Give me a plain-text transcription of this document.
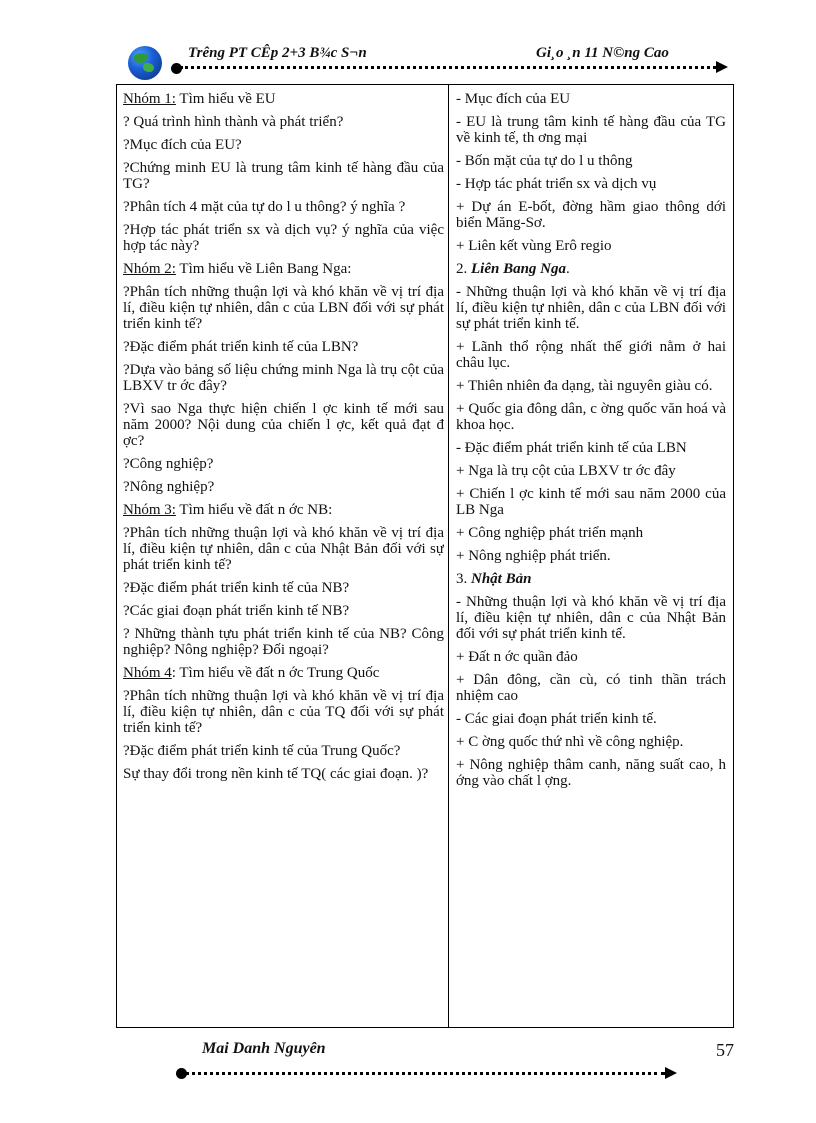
Trêng PT CÊp 2+3 B¾c S¬n	Gi¸o ¸n 11 N©ng Cao

Nhóm 1: Tìm hiểu về EU

? Quá trình hình thành và phát triển?

?Mục đích của EU?

?Chứng minh EU là trung tâm kinh tế hàng đầu của TG?

?Phân tích 4 mặt của tự do l u thông? ý nghĩa ?

?Hợp tác phát triển sx và dịch vụ? ý nghĩa của việc hợp tác này?

Nhóm 2: Tìm hiểu về Liên Bang Nga:

?Phân tích những thuận lợi và khó khăn về vị trí địa lí, điều kiện tự nhiên, dân c của LBN đối với sự phát triển kinh tế?

?Đặc điểm phát triển kinh tế của LBN?

?Dựa vào bảng số liệu chứng minh Nga là trụ cột của LBXV tr ớc đây?

?Vì sao Nga thực hiện chiến l ợc kinh tế mới sau năm 2000? Nội dung của chiến l ợc, kết quả đạt đ ợc?

?Công nghiệp?

?Nông nghiệp?

Nhóm 3: Tìm hiểu về đất n ớc NB:

?Phân tích những thuận lợi và khó khăn về vị trí địa lí, điều kiện tự nhiên, dân c của Nhật Bản đối với sự phát triển kinh tế?

?Đặc điểm phát triển kinh tế của NB?

?Các giai đoạn phát triển kinh tế NB?

? Những thành tựu phát triển kinh tế của NB? Công nghiệp? Nông nghiệp? Đối ngoại?

Nhóm 4: Tìm hiểu về đất n ớc Trung Quốc

?Phân tích những thuận lợi và khó khăn về vị trí địa lí, điều kiện tự nhiên, dân c của TQ đối với sự phát triển kinh tế?

?Đặc điểm phát triển kinh tế của Trung Quốc?

Sự thay đổi trong nền kinh tế TQ( các giai đoạn. )?

- Mục đích của EU

- EU là trung tâm kinh tế hàng đầu của TG về kinh tế, th ơng mại

- Bốn mặt của tự do l u thông

- Hợp tác phát triển sx và dịch vụ

+ Dự án E-bốt, đờng hầm giao thông dới biển Măng-Sơ.

+ Liên kết vùng Erô regio

2. Liên Bang Nga.

- Những thuận lợi và khó khăn về vị trí địa lí, điều kiện tự nhiên, dân c của LBN đối với sự phát triển kinh tế.

+ Lãnh thổ rộng nhất thế giới nằm ở hai châu lục.

+ Thiên nhiên đa dạng, tài nguyên giàu có.

+ Quốc gia đông dân, c ờng quốc văn hoá và khoa học.

- Đặc điểm phát triển kinh tế của LBN

+ Nga là trụ cột của LBXV tr ớc đây

+ Chiến l ợc kinh tế mới sau năm 2000 của LB Nga

+ Công nghiệp phát triển mạnh

+ Nông nghiệp phát triển.

3. Nhật Bản

- Những thuận lợi và khó khăn về vị trí địa lí, điều kiện tự nhiên, dân c của Nhật Bản đối với sự phát triển kinh tế.

+ Đất n ớc quần đảo

+ Dân đông, cần cù, có tinh thần trách nhiệm cao

- Các giai đoạn phát triển kinh tế.

+ C ờng quốc thứ nhì về công nghiệp.

+ Nông nghiệp thâm canh, năng suất cao, h ớng vào chất l ợng.

Mai Danh Nguyên	57
